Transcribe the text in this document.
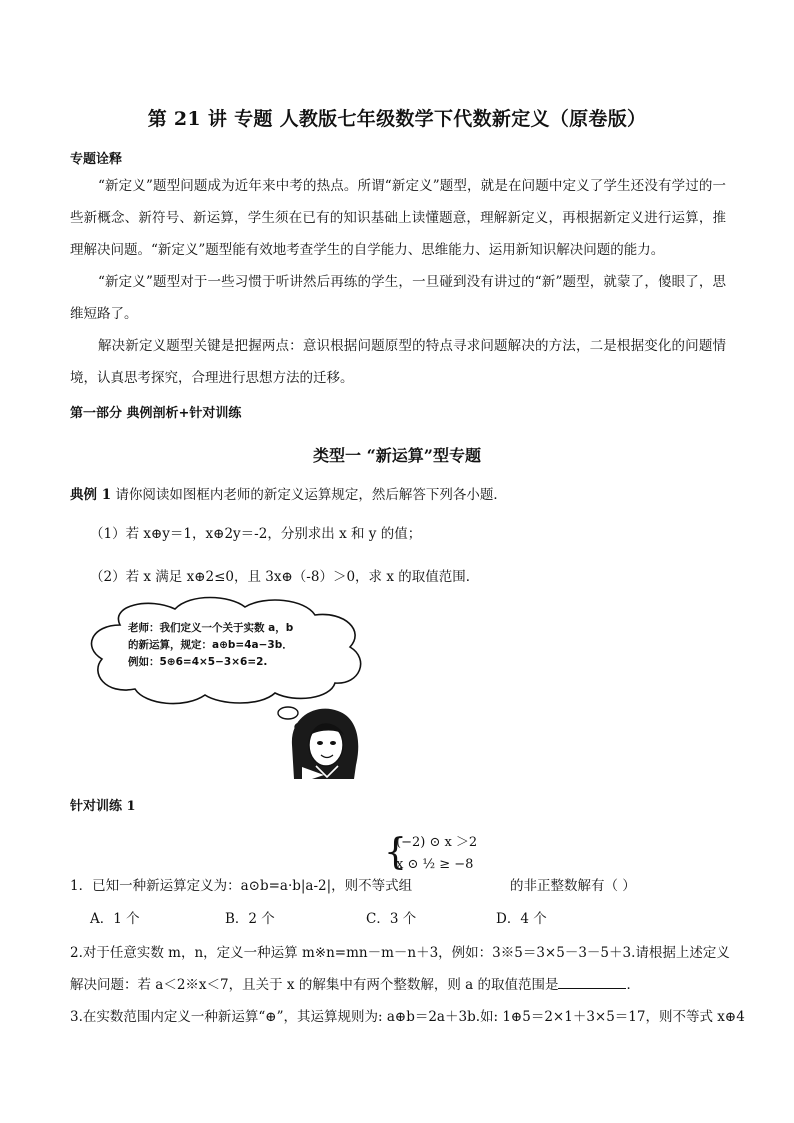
第 21 讲 专题 人教版七年级数学下代数新定义（原卷版）
专题诠释
“新定义”题型问题成为近年来中考的热点。所谓“新定义”题型，就是在问题中定义了学生还没有学过的一些新概念、新符号、新运算，学生须在已有的知识基础上读懂题意，理解新定义，再根据新定义进行运算，推理解决问题。“新定义”题型能有效地考查学生的自学能力、思维能力、运用新知识解决问题的能力。
“新定义”题型对于一些习惯于听讲然后再练的学生，一旦碰到没有讲过的“新”题型，就蒙了，傻眼了，思维短路了。
解决新定义题型关键是把握两点：意识根据问题原型的特点寻求问题解决的方法，二是根据变化的问题情境，认真思考探究，合理进行思想方法的迁移。
第一部分 典例剖析+针对训练
类型一 “新运算”型专题
典例 1 请你阅读如图框内老师的新定义运算规定，然后解答下列各小题．
（1）若 x⊕y＝1，x⊕2y＝-2，分别求出 x 和 y 的值；
（2）若 x 满足 x⊕2≤0，且 3x⊕（-8）＞0，求 x 的取值范围．
老师：我们定义一个关于实数 a，b
的新运算，规定：a⊕b=4a−3b．
例如：5⊕6=4×5−3×6=2.
针对训练 1
1．已知一种新运算定义为：a⊙b=a·b|a-2|，则不等式组
{
(−2) ⊙ x ＞2
x ⊙ ½ ≥ −8
的非正整数解有（ ）
A．1 个	B．2 个	C．3 个	D．4 个
2.对于任意实数 m，n，定义一种运算 m※n=mn－m－n＋3，例如：3※5＝3×5－3－5＋3.请根据上述定义
解决问题：若 a＜2※x＜7，且关于 x 的解集中有两个整数解，则 a 的取值范围是	．
3.在实数范围内定义一种新运算“⊕”，其运算规则为: a⊕b＝2a＋3b.如: 1⊕5＝2×1＋3×5＝17，则不等式 x⊕4
